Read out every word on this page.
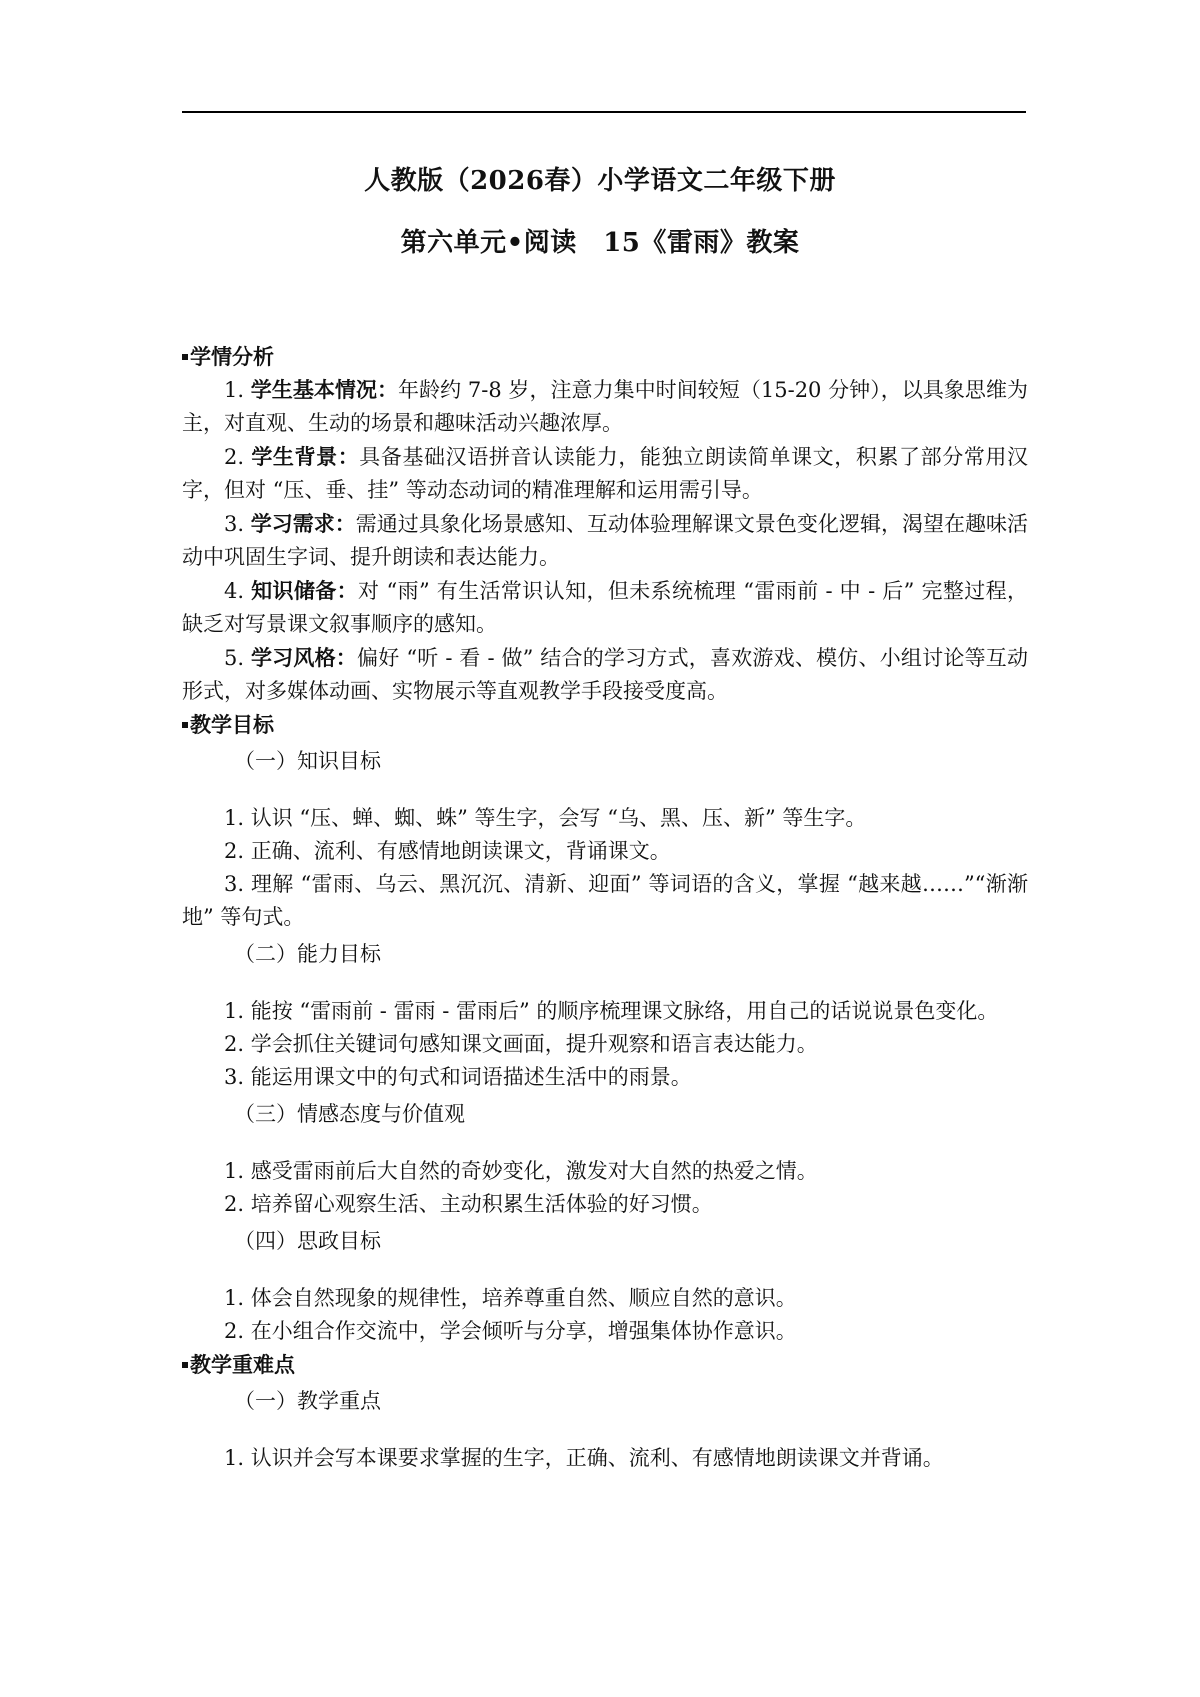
人教版（2026春）小学语文二年级下册
第六单元•阅读　15《雷雨》教案

学情分析

1. 学生基本情况：年龄约 7-8 岁，注意力集中时间较短（15-20 分钟），以具象思维为主，对直观、生动的场景和趣味活动兴趣浓厚。

2. 学生背景：具备基础汉语拼音认读能力，能独立朗读简单课文，积累了部分常用汉字，但对 “压、垂、挂” 等动态动词的精准理解和运用需引导。

3. 学习需求：需通过具象化场景感知、互动体验理解课文景色变化逻辑，渴望在趣味活动中巩固生字词、提升朗读和表达能力。

4. 知识储备：对 “雨” 有生活常识认知，但未系统梳理 “雷雨前 - 中 - 后” 完整过程，缺乏对写景课文叙事顺序的感知。

5. 学习风格：偏好 “听 - 看 - 做” 结合的学习方式，喜欢游戏、模仿、小组讨论等互动形式，对多媒体动画、实物展示等直观教学手段接受度高。

教学目标

（一）知识目标

1. 认识 “压、蝉、蜘、蛛” 等生字，会写 “乌、黑、压、新” 等生字。

2. 正确、流利、有感情地朗读课文，背诵课文。

3. 理解 “雷雨、乌云、黑沉沉、清新、迎面” 等词语的含义，掌握 “越来越……”“渐渐地” 等句式。

（二）能力目标

1. 能按 “雷雨前 - 雷雨 - 雷雨后” 的顺序梳理课文脉络，用自己的话说说景色变化。

2. 学会抓住关键词句感知课文画面，提升观察和语言表达能力。

3. 能运用课文中的句式和词语描述生活中的雨景。

（三）情感态度与价值观

1. 感受雷雨前后大自然的奇妙变化，激发对大自然的热爱之情。

2. 培养留心观察生活、主动积累生活体验的好习惯。

（四）思政目标

1. 体会自然现象的规律性，培养尊重自然、顺应自然的意识。

2. 在小组合作交流中，学会倾听与分享，增强集体协作意识。

教学重难点

（一）教学重点

1. 认识并会写本课要求掌握的生字，正确、流利、有感情地朗读课文并背诵。
